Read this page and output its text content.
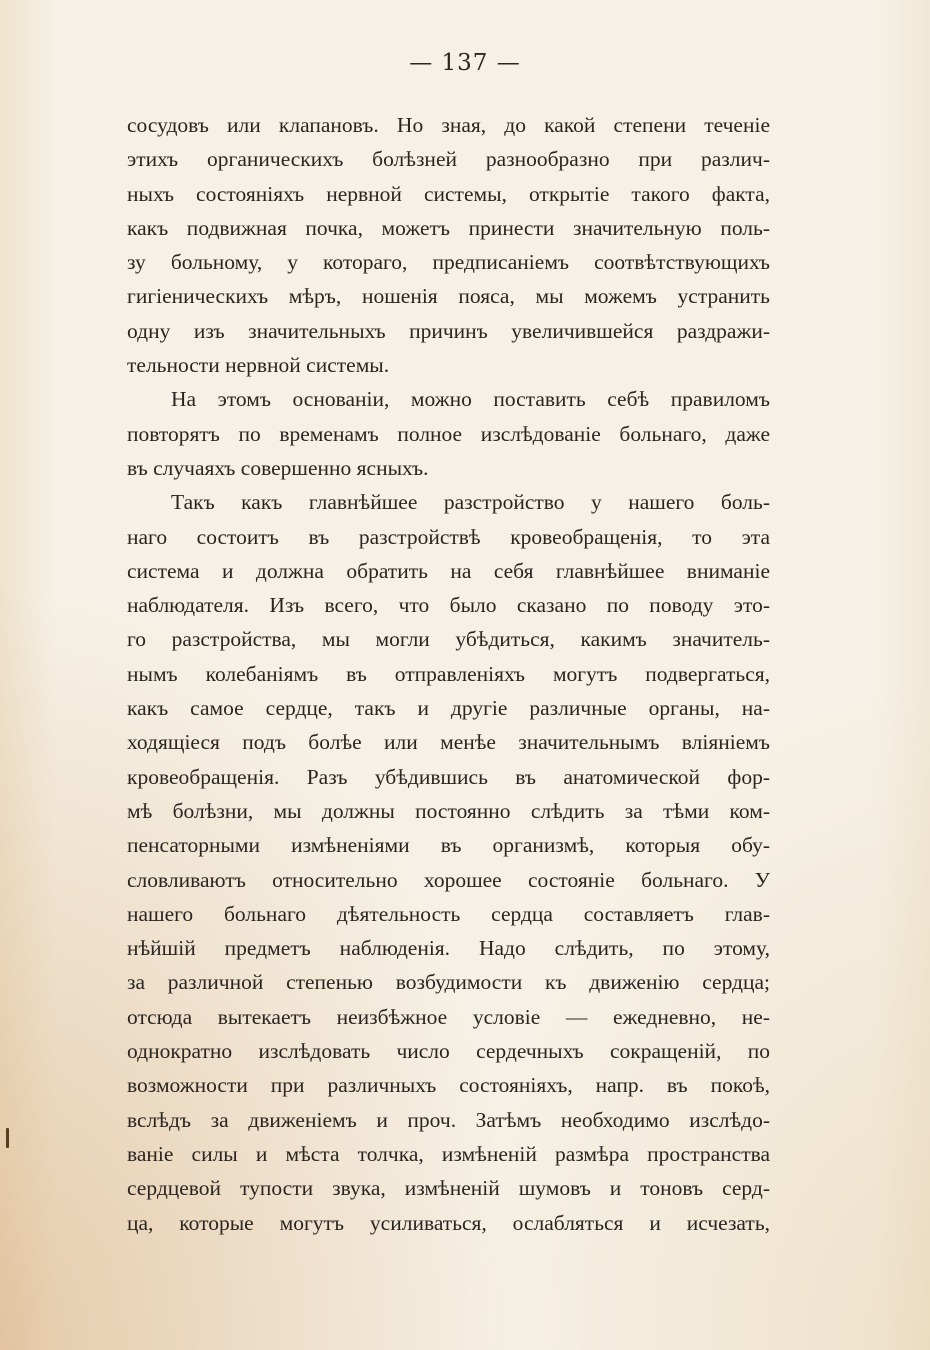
— 137 —
сосудовъ или клапановъ. Но зная, до какой степени теченіе
этихъ органическихъ болѣзней разнообразно при различ-
ныхъ состояніяхъ нервной системы, открытіе такого факта,
какъ подвижная почка, можетъ принести значительную поль-
зу больному, у котораго, предписаніемъ соотвѣтствующихъ
гигіеническихъ мѣръ, ношенія пояса, мы можемъ устранить
одну изъ значительныхъ причинъ увеличившейся раздражи-
тельности нервной системы.
На этомъ основаніи, можно поставить себѣ правиломъ
повторятъ по временамъ полное изслѣдованіе больнаго, даже
въ случаяхъ совершенно ясныхъ.
Такъ какъ главнѣйшее разстройство у нашего боль-
наго состоитъ въ разстройствѣ кровеобращенія, то эта
система и должна обратить на себя главнѣйшее вниманіе
наблюдателя. Изъ всего, что было сказано по поводу это-
го разстройства, мы могли убѣдиться, какимъ значитель-
нымъ колебаніямъ въ отправленіяхъ могутъ подвергаться,
какъ самое сердце, такъ и другіе различные органы, на-
ходящіеся подъ болѣе или менѣе значительнымъ вліяніемъ
кровеобращенія. Разъ убѣдившись въ анатомической фор-
мѣ болѣзни, мы должны постоянно слѣдить за тѣми ком-
пенсаторными измѣненіями въ организмѣ, которыя обу-
словливаютъ относительно хорошее состояніе больнаго. У
нашего больнаго дѣятельность сердца составляетъ глав-
нѣйшій предметъ наблюденія. Надо слѣдить, по этому,
за различной степенью возбудимости къ движенію сердца;
отсюда вытекаетъ неизбѣжное условіе — ежедневно, не-
однократно изслѣдовать число сердечныхъ сокращеній, по
возможности при различныхъ состояніяхъ, напр. въ покоѣ,
вслѣдъ за движеніемъ и проч. Затѣмъ необходимо изслѣдо-
ваніе силы и мѣста толчка, измѣненій размѣра пространства
сердцевой тупости звука, измѣненій шумовъ и тоновъ серд-
ца, которые могутъ усиливаться, ослабляться и исчезать,
